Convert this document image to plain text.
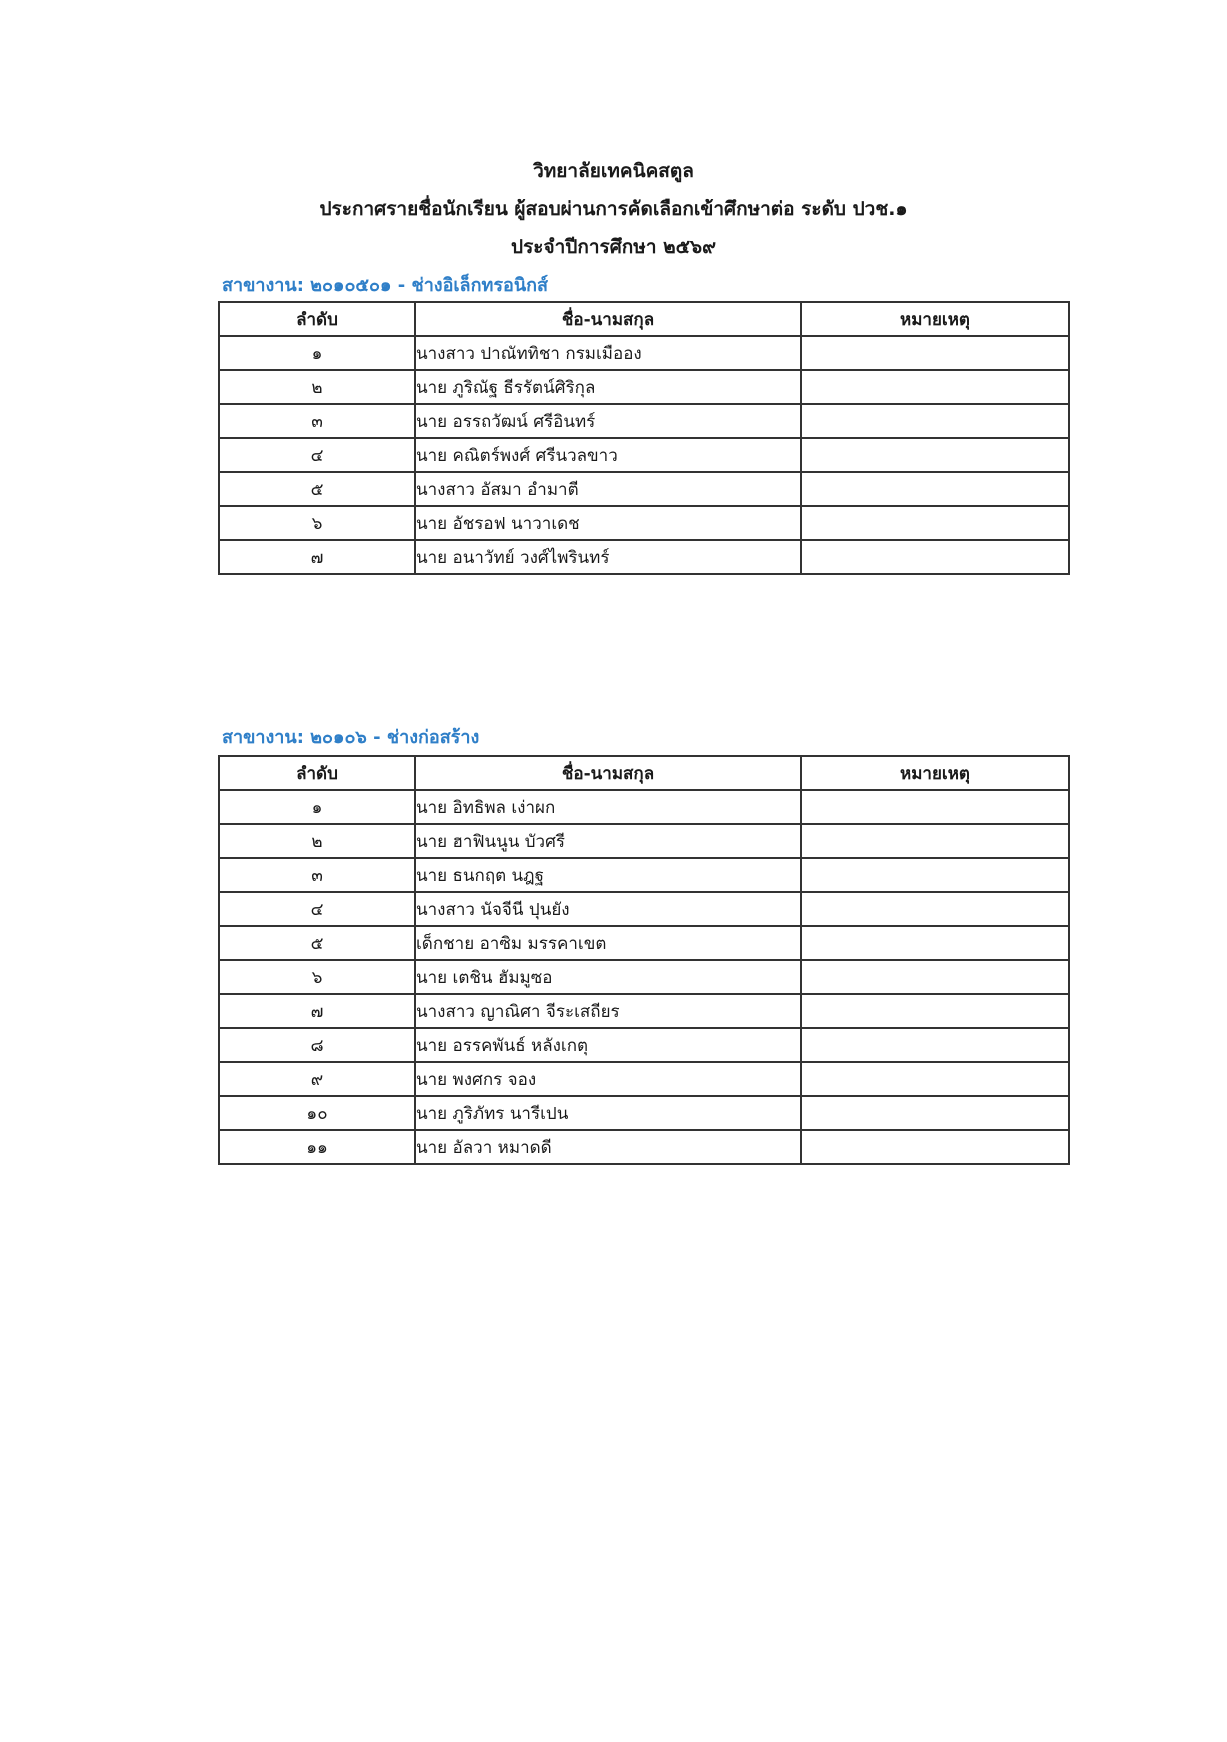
วิทยาลัยเทคนิคสตูล
ประกาศรายชื่อนักเรียน ผู้สอบผ่านการคัดเลือกเข้าศึกษาต่อ ระดับ ปวช.๑
ประจำปีการศึกษา ๒๕๖๙
สาขางาน: ๒๐๑๐๕๐๑ - ช่างอิเล็กทรอนิกส์
ลำดับ	ชื่อ-นามสกุล	หมายเหตุ
๑	นางสาว ปาณัททิชา กรมเมืออง	
๒	นาย ภูริณัฐ ธีรรัตน์ศิริกุล	
๓	นาย อรรถวัฒน์ ศรีอินทร์	
๔	นาย คณิตร์พงศ์ ศรีนวลขาว	
๕	นางสาว อัสมา อำมาตี	
๖	นาย อัชรอฟ นาวาเดช	
๗	นาย อนาวัทย์ วงศ์ไพรินทร์	
สาขางาน: ๒๐๑๐๖ - ช่างก่อสร้าง
ลำดับ	ชื่อ-นามสกุล	หมายเหตุ
๑	นาย อิทธิพล เง่าผก	
๒	นาย ฮาฟินนูน บัวศรี	
๓	นาย ธนกฤต นฎฐ	
๔	นางสาว นัจจีนี ปุนยัง	
๕	เด็กชาย อาซิม มรรคาเขต	
๖	นาย เตชิน ฮัมมูซอ	
๗	นางสาว ญาณิศา จีระเสถียร	
๘	นาย อรรคพันธ์ หลังเกตุ	
๙	นาย พงศกร จอง	
๑๐	นาย ภูริภัทร นารีเปน	
๑๑	นาย อัลวา หมาดดี	
